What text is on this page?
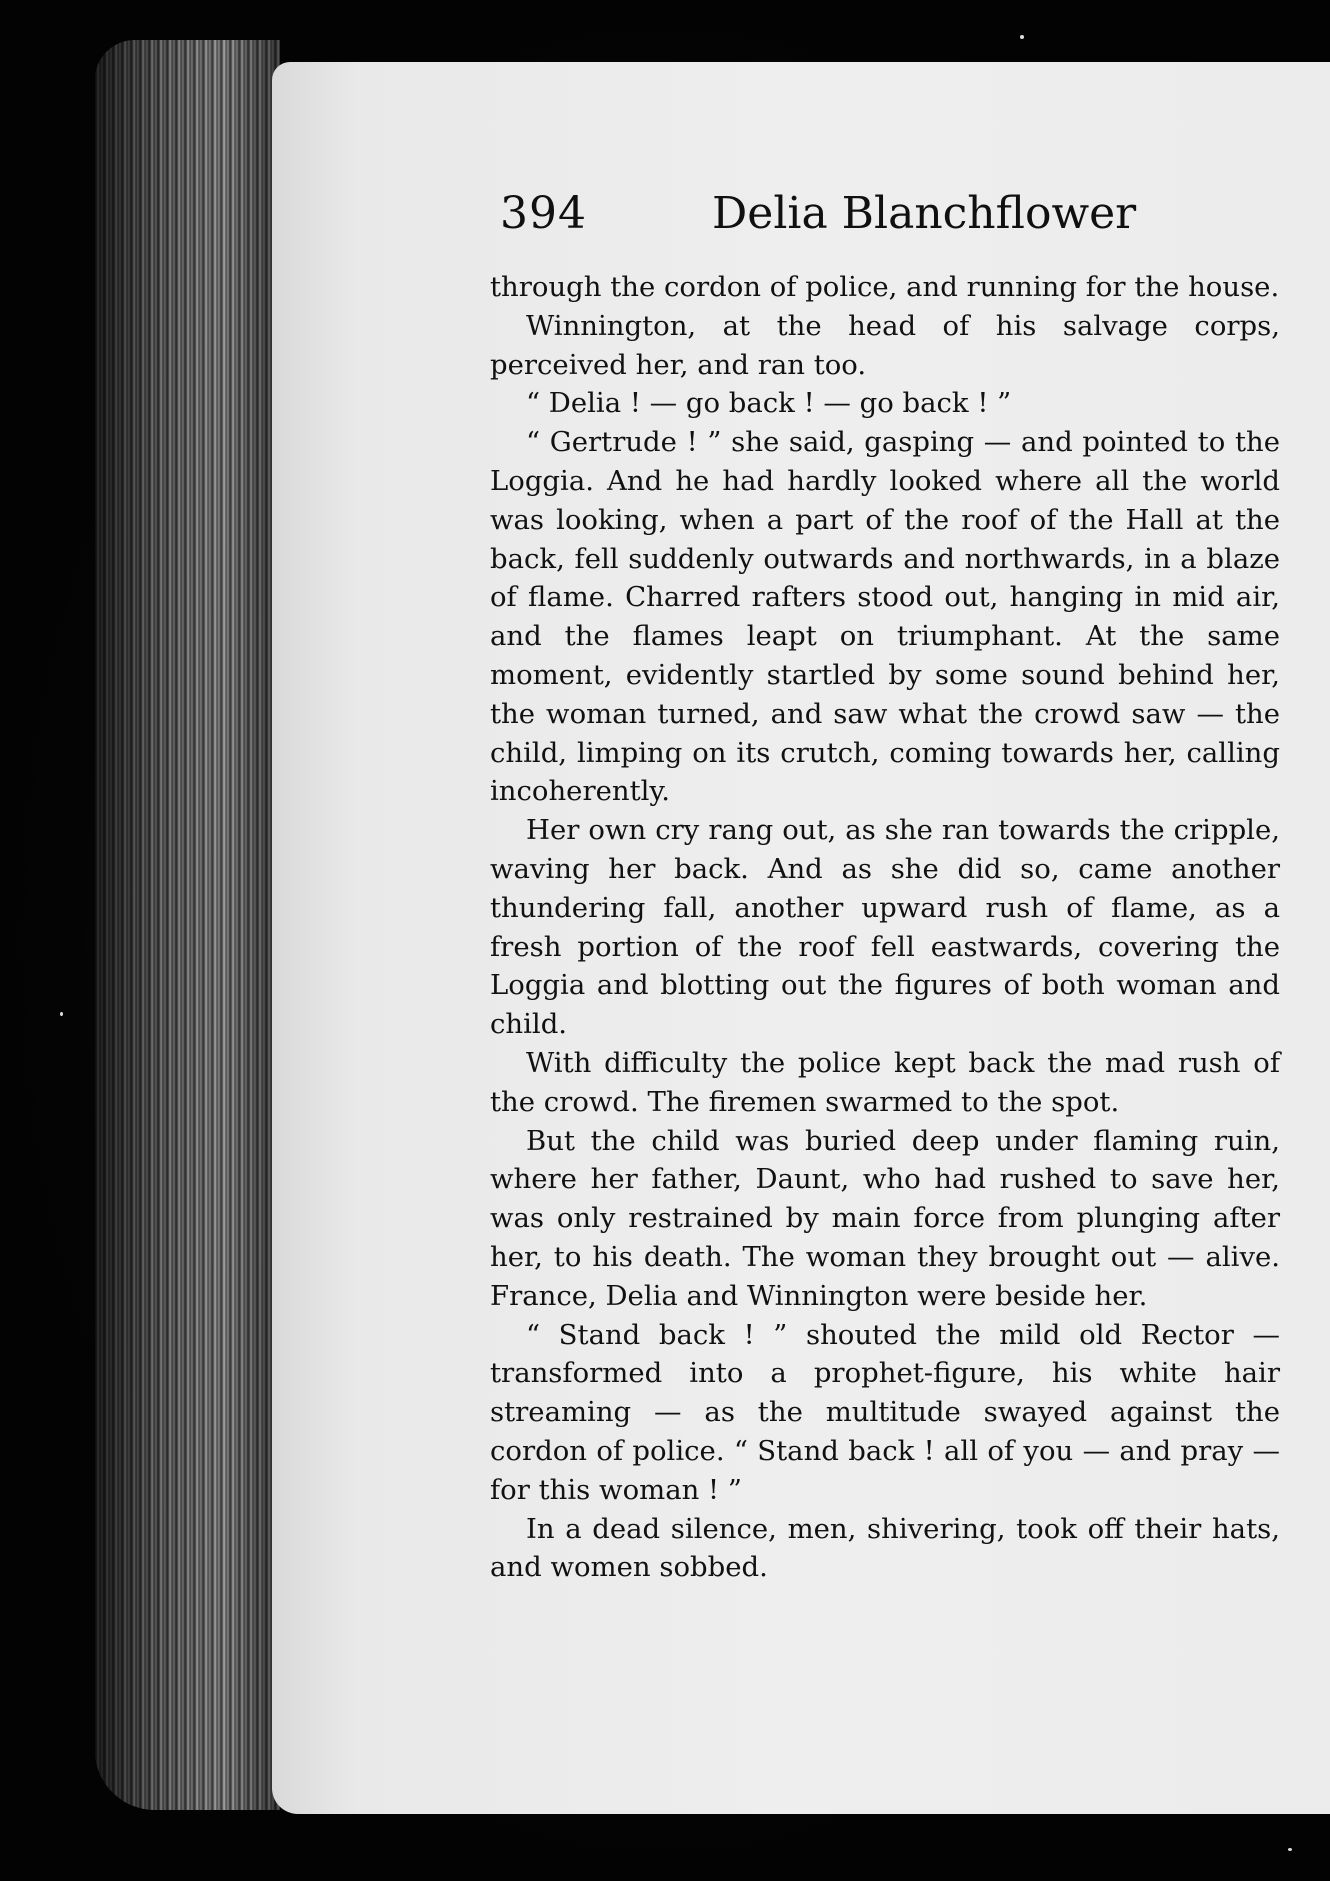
394	Delia Blanchflower

through the cordon of police, and running for the house.

Winnington, at the head of his salvage corps, perceived her, and ran too.

“ Delia ! — go back ! — go back ! ”

“ Gertrude ! ” she said, gasping — and pointed to the Loggia. And he had hardly looked where all the world was looking, when a part of the roof of the Hall at the back, fell suddenly outwards and northwards, in a blaze of flame. Charred rafters stood out, hanging in mid air, and the flames leapt on triumphant. At the same moment, evidently startled by some sound behind her, the woman turned, and saw what the crowd saw — the child, limping on its crutch, coming towards her, calling incoherently.

Her own cry rang out, as she ran towards the cripple, waving her back. And as she did so, came another thundering fall, another upward rush of flame, as a fresh portion of the roof fell eastwards, covering the Loggia and blotting out the figures of both woman and child.

With difficulty the police kept back the mad rush of the crowd. The firemen swarmed to the spot.

But the child was buried deep under flaming ruin, where her father, Daunt, who had rushed to save her, was only restrained by main force from plunging after her, to his death. The woman they brought out — alive. France, Delia and Winnington were beside her.

“ Stand back ! ” shouted the mild old Rector — transformed into a prophet-figure, his white hair streaming — as the multitude swayed against the cordon of police. “ Stand back ! all of you — and pray — for this woman ! ”

In a dead silence, men, shivering, took off their hats, and women sobbed.
